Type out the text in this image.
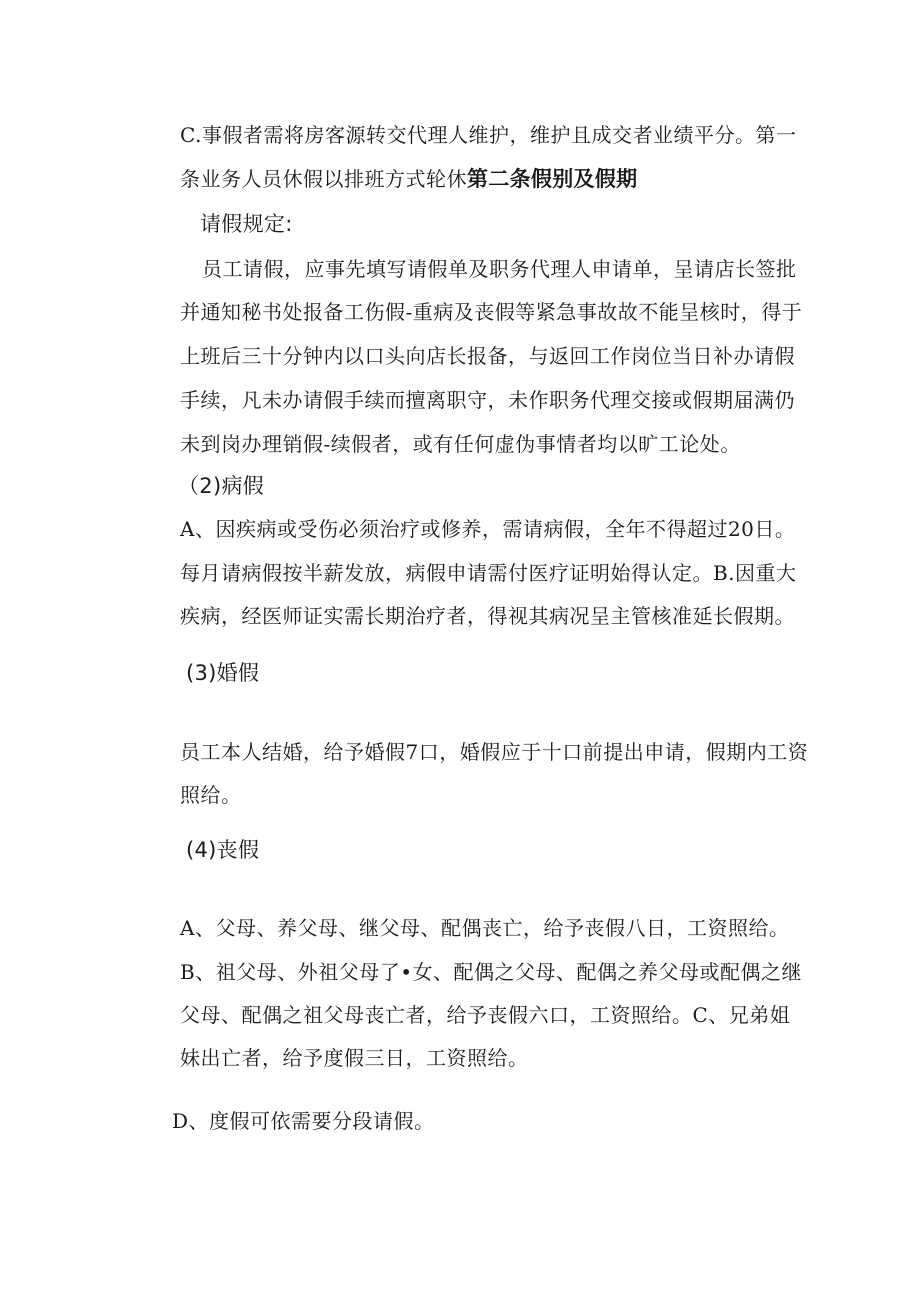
C.事假者需将房客源转交代理人维护，维护且成交者业绩平分。第一
条业务人员休假以排班方式轮休第二条假别及假期
请假规定:
员工请假，应事先填写请假单及职务代理人申请单，呈请店长签批
并通知秘书处报备工伤假-重病及丧假等紧急事故故不能呈核时，得于
上班后三十分钟内以口头向店长报备，与返回工作岗位当日补办请假
手续，凡未办请假手续而擅离职守，未作职务代理交接或假期届满仍
未到岗办理销假-续假者，或有任何虚伪事情者均以旷工论处。
（2)病假
A、因疾病或受伤必须治疗或修养，需请病假，全年不得超过20日。
每月请病假按半薪发放，病假申请需付医疗证明始得认定。B.因重大
疾病，经医师证实需长期治疗者，得视其病况呈主管核准延长假期。
(3)婚假
员工本人结婚，给予婚假7口，婚假应于十口前提出申请，假期内工资
照给。
(4)丧假
A、父母、养父母、继父母、配偶丧亡，给予丧假八日，工资照给。
B、祖父母、外祖父母了•女、配偶之父母、配偶之养父母或配偶之继
父母、配偶之祖父母丧亡者，给予丧假六口，工资照给。C、兄弟姐
妹出亡者，给予度假三日，工资照给。
D、度假可依需要分段请假。
